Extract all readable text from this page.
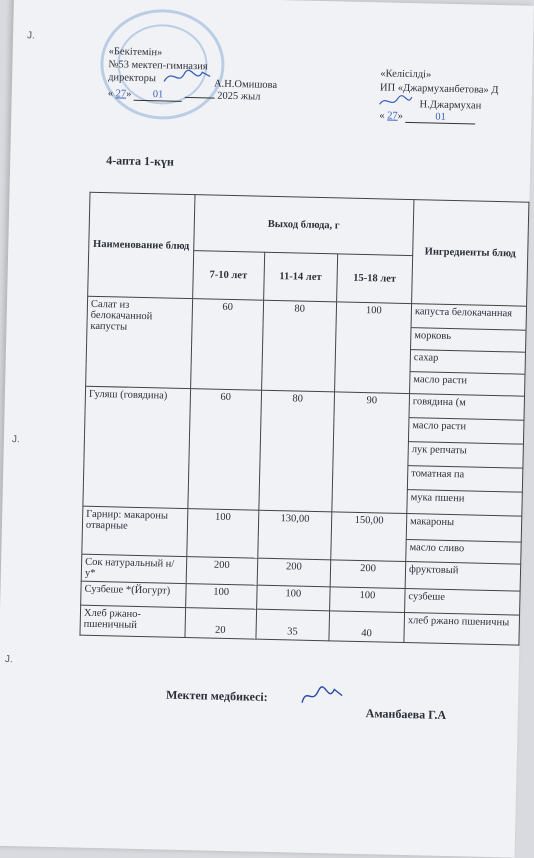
Ј.
Ј.
Ј.
«Бекітемін»
№53 мектеп-гимназия
директоры
А.Н.Омишова
« 27» 01	2025 жыл
«Келісілді»
ИП «Джармуханбетова» Д
Н.Джармухан
« 27»	01
4-апта 1-күн
Наименование блюд	Выход блюда, г			Ингредиенты блюд
	7-10 лет	11-14 лет	15-18 лет	
Салат из белокачанной капусты	60	80	100	капуста белокачанная
				морковь
				сахар
				масло расти
Гуляш (говядина)	60	80	90	говядина (м
				масло расти
				лук репчаты
				томатная па
				мука пшени
Гарнир: макароны отварные	100	130,00	150,00	макароны
				масло сливо
Сок натуральный н/у*	200	200	200	фруктовый
Сузбеше *(Йогурт)	100	100	100	сузбеше
Хлеб ржано-пшеничный	20	35	40	хлеб ржано пшеничны
Мектеп медбикесі:
Аманбаева Г.А
